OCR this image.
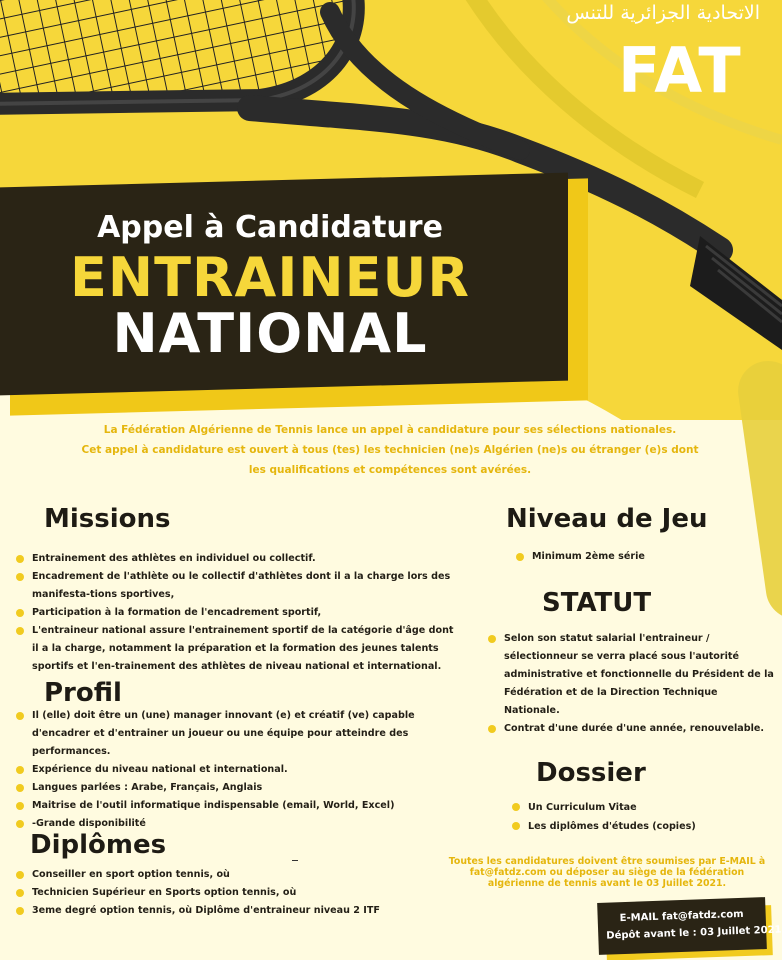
الاتحادية الجزائرية للتنس
FAT
Appel à Candidature
ENTRAINEUR
NATIONAL

La Fédération Algérienne de Tennis lance un appel à candidature pour ses sélections nationales.

Cet appel à candidature est ouvert à tous (tes) les technicien (ne)s Algérien (ne)s ou étranger (e)s dont

les qualifications et compétences sont avérées.

Missions
Entrainement des athlètes en individuel ou collectif.
Encadrement de l'athlète ou le collectif d'athlètes dont il a la charge lors des manifesta-tions sportives,
Participation à la formation de l'encadrement sportif,
L'entraineur national assure l'entrainement sportif de la catégorie d'âge dont il a la charge, notamment la préparation et la formation des jeunes talents sportifs et l'en-trainement des athlètes de niveau national et international.
Profil
Il (elle) doit être un (une) manager innovant (e) et créatif (ve) capable d'encadrer et d'entrainer un joueur ou une équipe pour atteindre des performances.
Expérience du niveau national et international.
Langues parlées : Arabe, Français, Anglais
Maitrise de l'outil informatique indispensable (email, World, Excel)
-Grande disponibilité
Diplômes
Conseiller en sport option tennis, où
Technicien Supérieur en Sports option tennis, où
3eme degré option tennis, où Diplôme d'entraineur niveau 2 ITF
Niveau de Jeu
Minimum 2ème série
STATUT
Selon son statut salarial l'entraineur / sélectionneur se verra placé sous l'autorité administrative et fonctionnelle du Président de la Fédération et de la Direction Technique Nationale.
Contrat d'une durée d'une année, renouvelable.
Dossier
Un Curriculum Vitae
Les diplômes d'études (copies)
Toutes les candidatures doivent être soumises par E-MAIL à
fat@fatdz.com ou déposer au siège de la fédération
algérienne de tennis avant le 03 Juillet 2021.
E-MAIL fat@fatdz.com
Dépôt avant le : 03 Juillet 2021
